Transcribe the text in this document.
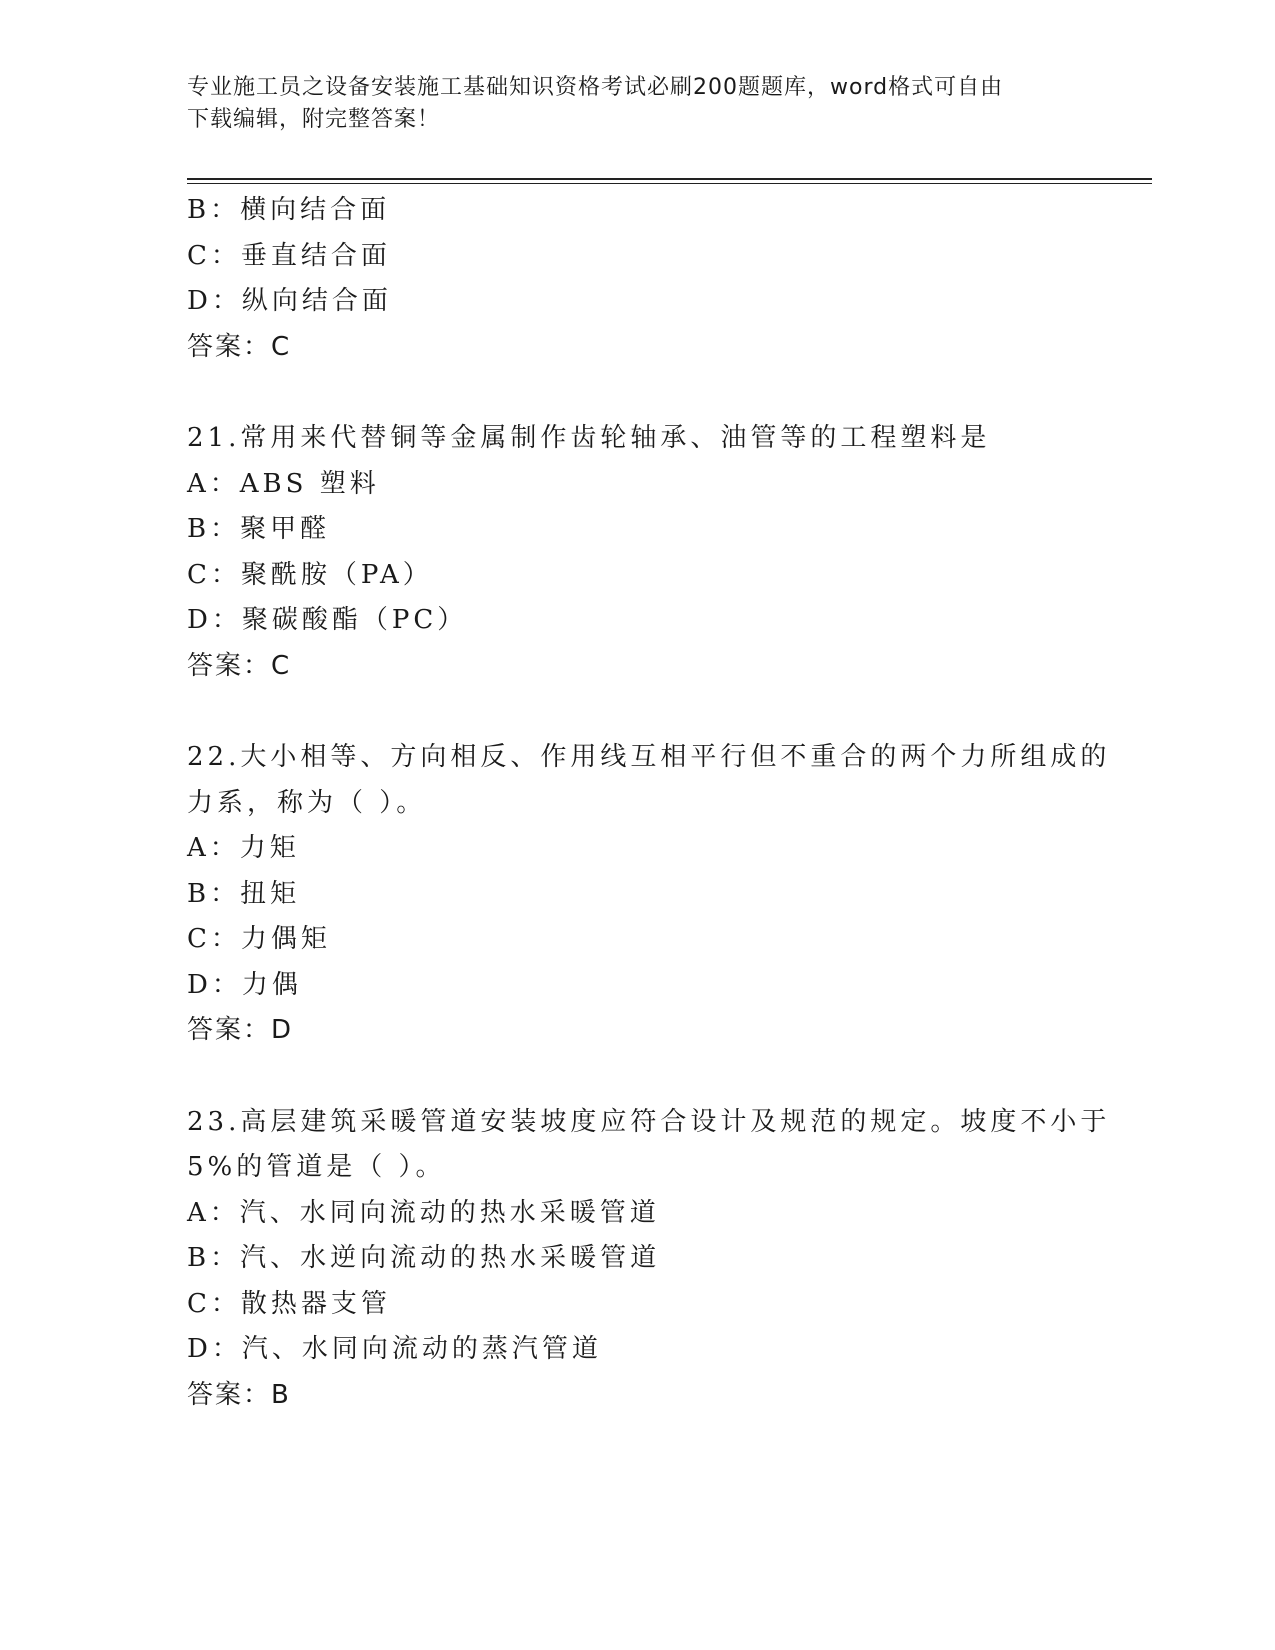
专业施工员之设备安装施工基础知识资格考试必刷200题题库，word格式可自由
下载编辑，附完整答案！
B：横向结合面
C：垂直结合面
D：纵向结合面
答案：C
21.常用来代替铜等金属制作齿轮轴承、油管等的工程塑料是
A：ABS 塑料
B：聚甲醛
C：聚酰胺（PA）
D：聚碳酸酯（PC）
答案：C
22.大小相等、方向相反、作用线互相平行但不重合的两个力所组成的
力系，称为（ ）。
A：力矩
B：扭矩
C：力偶矩
D：力偶
答案：D
23.高层建筑采暖管道安装坡度应符合设计及规范的规定。坡度不小于
5%的管道是（ ）。
A：汽、水同向流动的热水采暖管道
B：汽、水逆向流动的热水采暖管道
C：散热器支管
D：汽、水同向流动的蒸汽管道
答案：B
